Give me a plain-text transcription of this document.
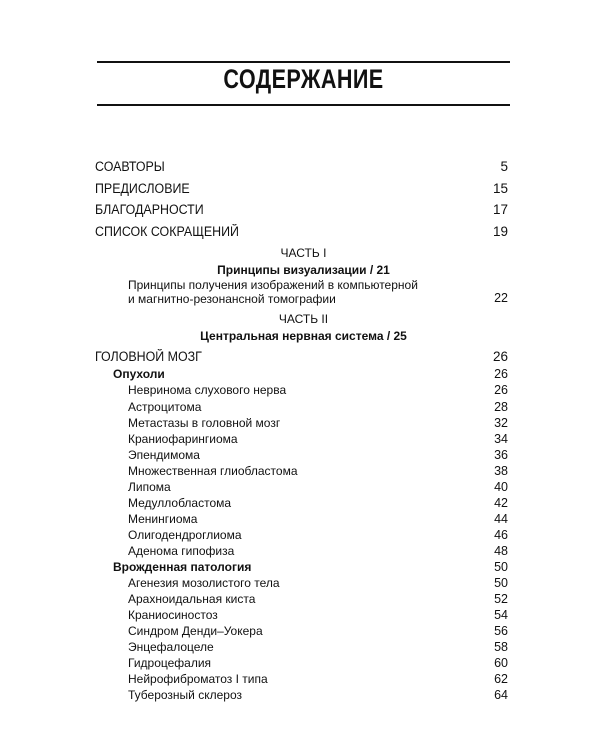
СОДЕРЖАНИЕ
СОАВТОРЫ	5
ПРЕДИСЛОВИЕ	15
БЛАГОДАРНОСТИ	17
СПИСОК СОКРАЩЕНИЙ	19
ЧАСТЬ I
Принципы визуализации / 21
Принципы получения изображений в компьютерной
и магнитно-резонансной томографии	22
ЧАСТЬ II
Центральная нервная система / 25
ГОЛОВНОЙ МОЗГ	26
Опухоли	26
Невринома слухового нерва	26
Астроцитома	28
Метастазы в головной мозг	32
Краниофарингиома	34
Эпендимома	36
Множественная глиобластома	38
Липома	40
Медуллобластома	42
Менингиома	44
Олигодендроглиома	46
Аденома гипофиза	48
Врожденная патология	50
Агенезия мозолистого тела	50
Арахноидальная киста	52
Краниосиностоз	54
Синдром Денди–Уокера	56
Энцефалоцеле	58
Гидроцефалия	60
Нейрофиброматоз I типа	62
Туберозный склероз	64
